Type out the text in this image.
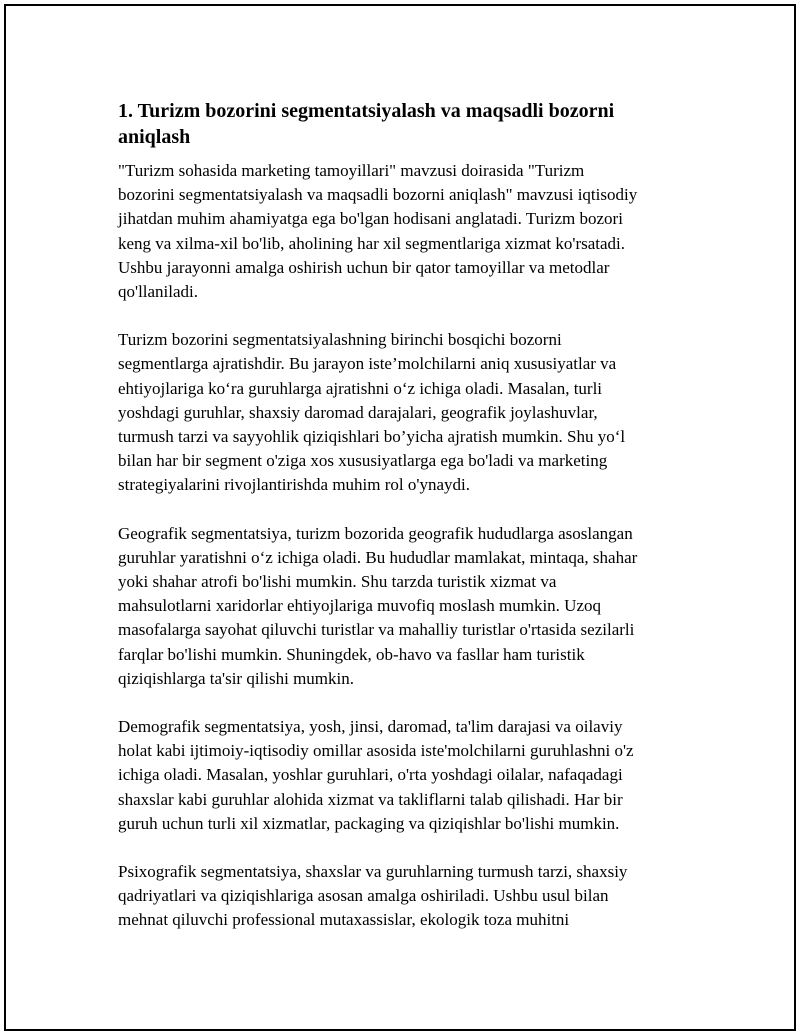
1. Turizm bozorini segmentatsiyalash va maqsadli bozorni
aniqlash
"Turizm sohasida marketing tamoyillari" mavzusi doirasida "Turizm
bozorini segmentatsiyalash va maqsadli bozorni aniqlash" mavzusi iqtisodiy
jihatdan muhim ahamiyatga ega bo'lgan hodisani anglatadi. Turizm bozori
keng va xilma-xil bo'lib, aholining har xil segmentlariga xizmat ko'rsatadi.
Ushbu jarayonni amalga oshirish uchun bir qator tamoyillar va metodlar
qo'llaniladi.
Turizm bozorini segmentatsiyalashning birinchi bosqichi bozorni
segmentlarga ajratishdir. Bu jarayon iste’molchilarni aniq xususiyatlar va
ehtiyojlariga ko‘ra guruhlarga ajratishni o‘z ichiga oladi. Masalan, turli
yoshdagi guruhlar, shaxsiy daromad darajalari, geografik joylashuvlar,
turmush tarzi va sayyohlik qiziqishlari bo’yicha ajratish mumkin. Shu yo‘l
bilan har bir segment o'ziga xos xususiyatlarga ega bo'ladi va marketing
strategiyalarini rivojlantirishda muhim rol o'ynaydi.
Geografik segmentatsiya, turizm bozorida geografik hududlarga asoslangan
guruhlar yaratishni o‘z ichiga oladi. Bu hududlar mamlakat, mintaqa, shahar
yoki shahar atrofi bo'lishi mumkin. Shu tarzda turistik xizmat va
mahsulotlarni xaridorlar ehtiyojlariga muvofiq moslash mumkin. Uzoq
masofalarga sayohat qiluvchi turistlar va mahalliy turistlar o'rtasida sezilarli
farqlar bo'lishi mumkin. Shuningdek, ob-havo va fasllar ham turistik
qiziqishlarga ta'sir qilishi mumkin.
Demografik segmentatsiya, yosh, jinsi, daromad, ta'lim darajasi va oilaviy
holat kabi ijtimoiy-iqtisodiy omillar asosida iste'molchilarni guruhlashni o'z
ichiga oladi. Masalan, yoshlar guruhlari, o'rta yoshdagi oilalar, nafaqadagi
shaxslar kabi guruhlar alohida xizmat va takliflarni talab qilishadi. Har bir
guruh uchun turli xil xizmatlar, packaging va qiziqishlar bo'lishi mumkin.
Psixografik segmentatsiya, shaxslar va guruhlarning turmush tarzi, shaxsiy
qadriyatlari va qiziqishlariga asosan amalga oshiriladi. Ushbu usul bilan
mehnat qiluvchi professional mutaxassislar, ekologik toza muhitni
